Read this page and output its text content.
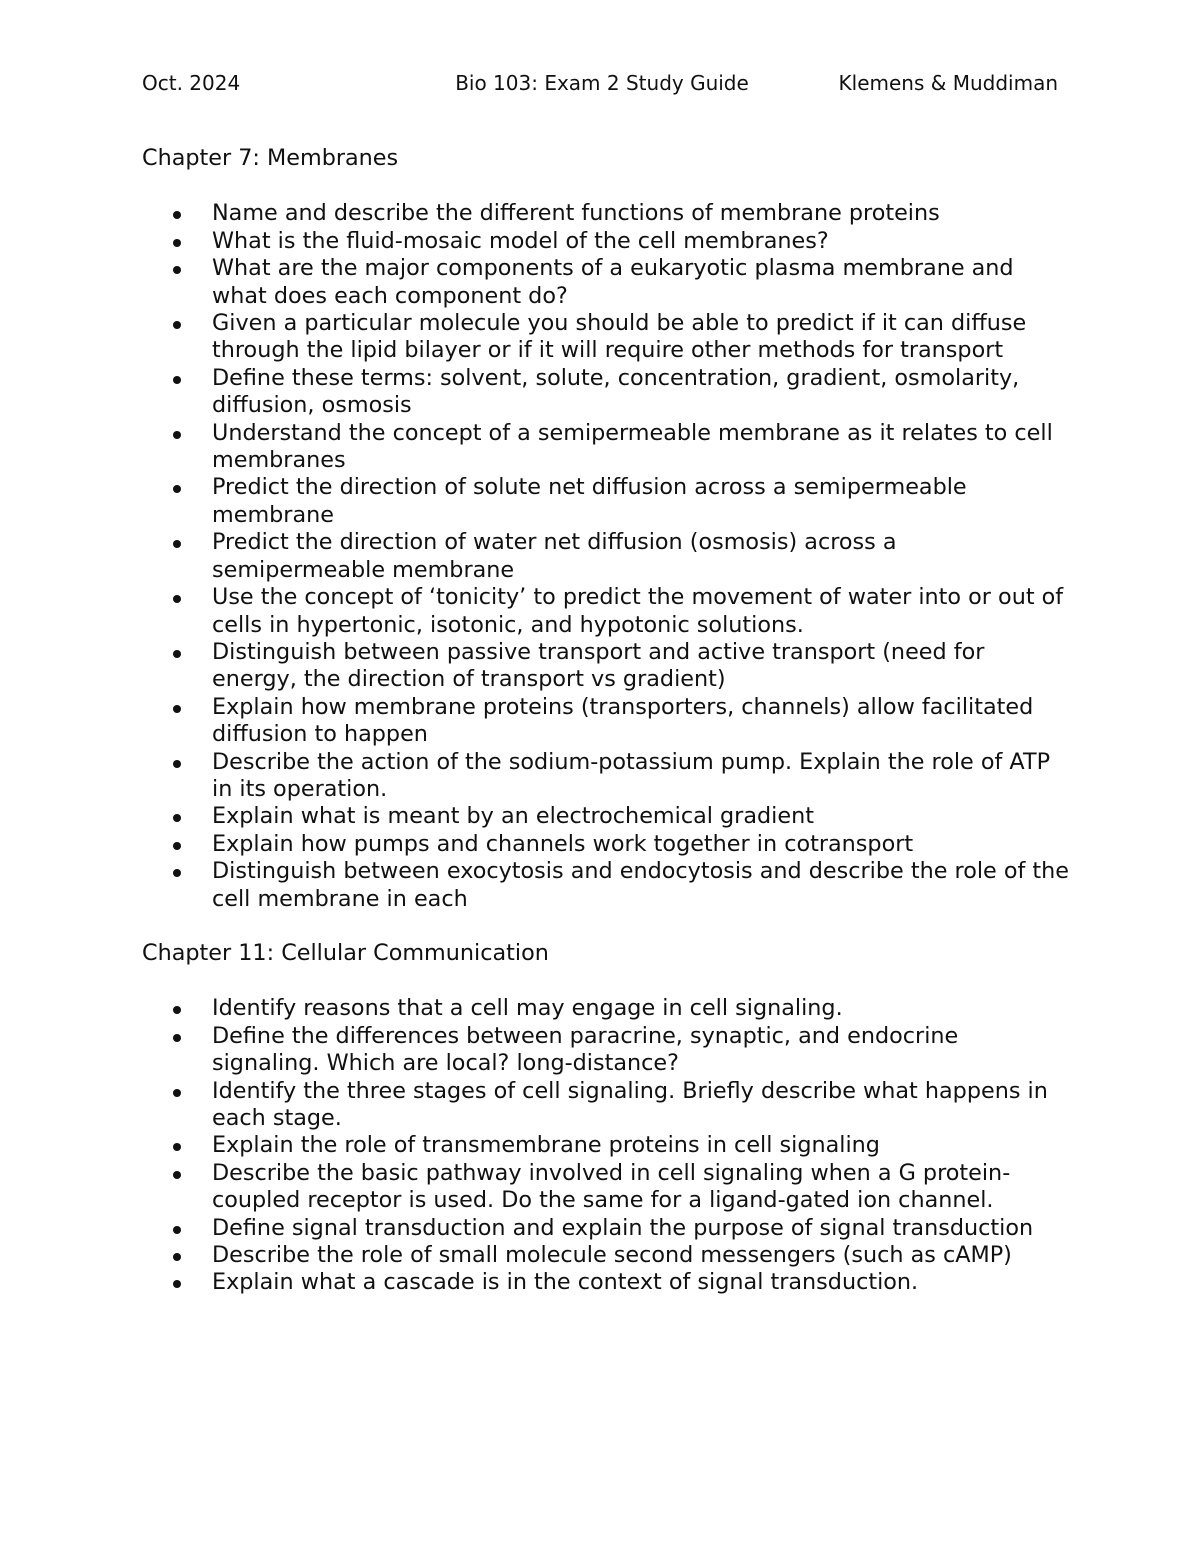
Oct. 2024	Bio 103: Exam 2 Study Guide	Klemens & Muddiman
Chapter 7: Membranes
Name and describe the different functions of membrane proteins
What is the fluid-mosaic model of the cell membranes?
What are the major components of a eukaryotic plasma membrane and what does each component do?
Given a particular molecule you should be able to predict if it can diffuse through the lipid bilayer or if it will require other methods for transport
Define these terms: solvent, solute, concentration, gradient, osmolarity, diffusion, osmosis
Understand the concept of a semipermeable membrane as it relates to cell membranes
Predict the direction of solute net diffusion across a semipermeable membrane
Predict the direction of water net diffusion (osmosis) across a semipermeable membrane
Use the concept of ‘tonicity’ to predict the movement of water into or out of cells in hypertonic, isotonic, and hypotonic solutions.
Distinguish between passive transport and active transport (need for energy, the direction of transport vs gradient)
Explain how membrane proteins (transporters, channels) allow facilitated diffusion to happen
Describe the action of the sodium-potassium pump. Explain the role of ATP in its operation.
Explain what is meant by an electrochemical gradient
Explain how pumps and channels work together in cotransport
Distinguish between exocytosis and endocytosis and describe the role of the cell membrane in each
Chapter 11: Cellular Communication
Identify reasons that a cell may engage in cell signaling.
Define the differences between paracrine, synaptic, and endocrine signaling. Which are local? long-distance?
Identify the three stages of cell signaling. Briefly describe what happens in each stage.
Explain the role of transmembrane proteins in cell signaling
Describe the basic pathway involved in cell signaling when a G protein-coupled receptor is used. Do the same for a ligand-gated ion channel.
Define signal transduction and explain the purpose of signal transduction
Describe the role of small molecule second messengers (such as cAMP)
Explain what a cascade is in the context of signal transduction.
